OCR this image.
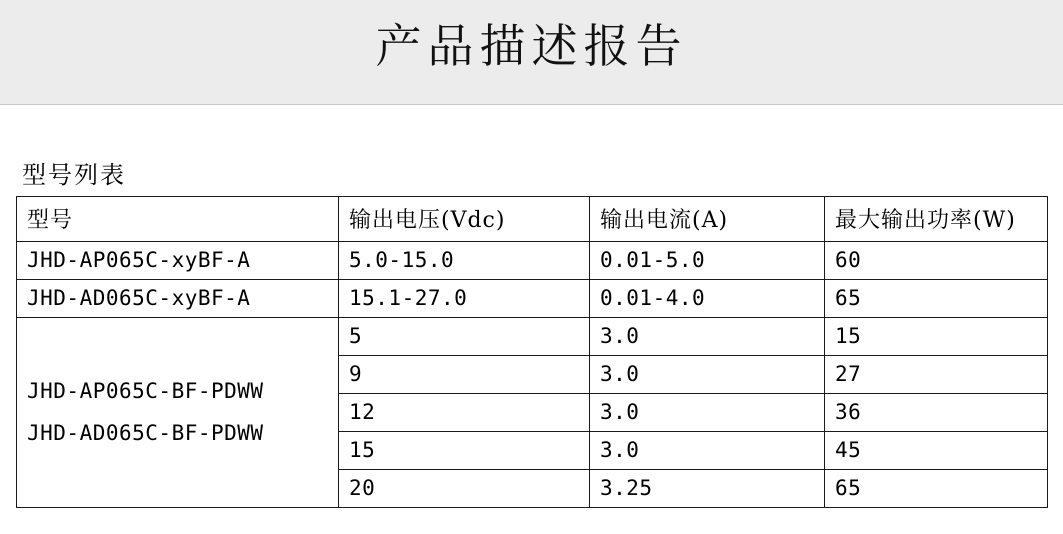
产品描述报告
型号列表
型号	输出电压(Vdc)	输出电流(A)	最大输出功率(W)
JHD-AP065C-xyBF-A	5.0-15.0	0.01-5.0	60
JHD-AD065C-xyBF-A	15.1-27.0	0.01-4.0	65

JHD-AP065C-BF-PDWW
JHD-AD065C-BF-PDWW	5	3.0	15
	9	3.0	27
	12	3.0	36
	15	3.0	45
	20	3.25	65
